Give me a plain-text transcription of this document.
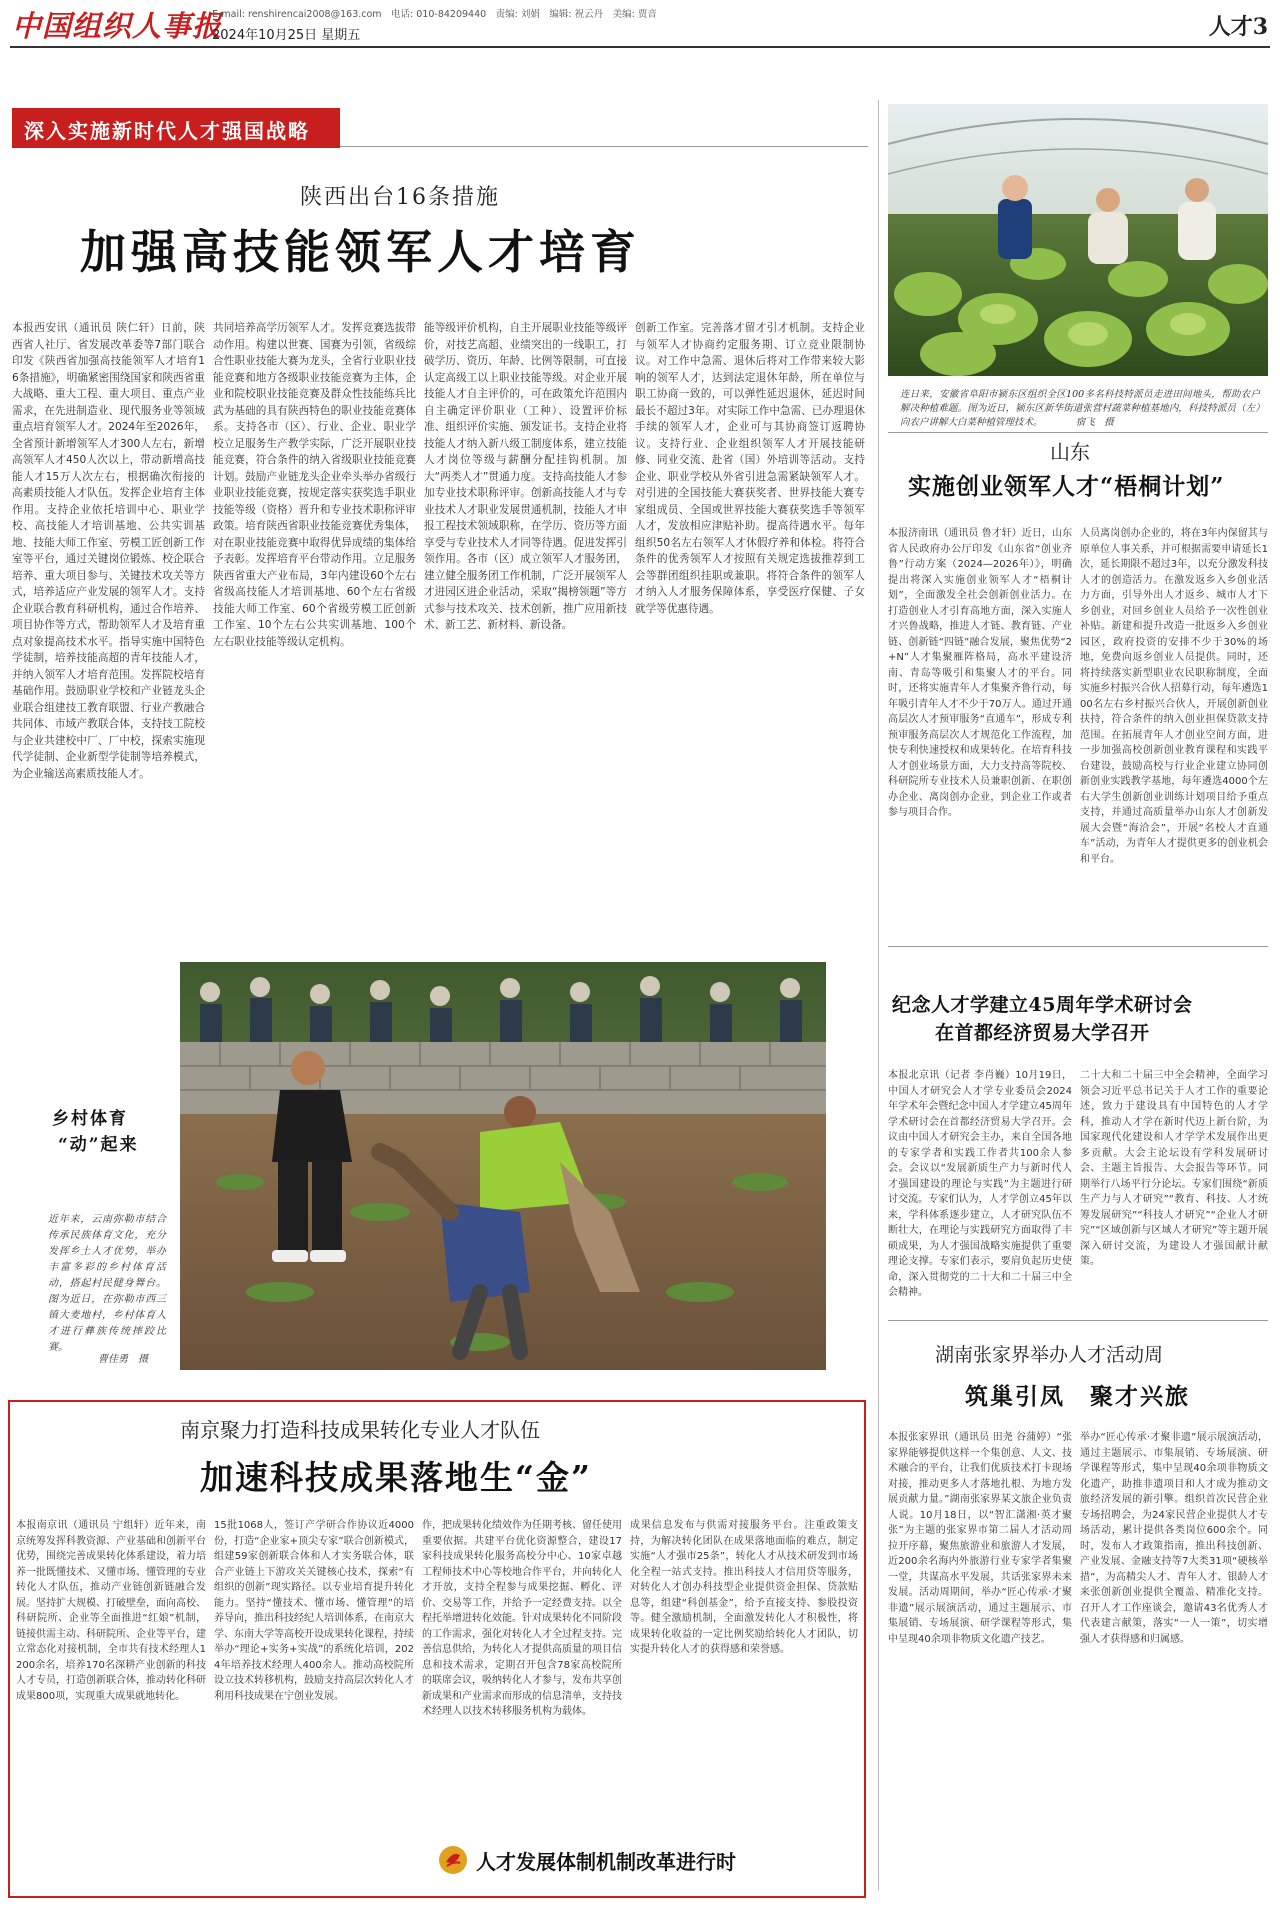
中国组织人事报
E-mail: renshirencai2008@163.com　电话: 010-84209440　责编: 刘娟　编辑: 祝云丹　美编: 贾音
2024年10月25日 星期五	人才3
深入实施新时代人才强国战略
陕西出台16条措施
加强高技能领军人才培育
本报西安讯（通讯员 陕仁轩）日前，陕西省人社厅、省发展改革委等7部门联合印发《陕西省加强高技能领军人才培育16条措施》，明确紧密围绕国家和陕西省重大战略、重大工程、重大项目、重点产业需求，在先进制造业、现代服务业等领域重点培育领军人才。2024年至2026年，全省预计新增领军人才300人左右，新增高领军人才450人次以上，带动新增高技能人才15万人次左右，根据确次衔接的高素质技能人才队伍。发挥企业培育主体作用。支持企业依托培训中心、职业学校、高技能人才培训基地、公共实训基地、技能大师工作室、劳模工匠创新工作室等平台，通过关键岗位锻炼、校企联合培养、重大项目参与、关键技术攻关等方式，培养适应产业发展的领军人才。支持企业联合教育科研机构，通过合作培养、项目协作等方式，帮助领军人才及培育重点对象提高技术水平。指导实施中国特色学徒制，培养技能高超的青年技能人才，并纳入领军人才培育范围。发挥院校培育基础作用。鼓励职业学校和产业链龙头企业联合组建技工教育联盟、行业产教融合共同体、市域产教联合体，支持技工院校与企业共建校中厂、厂中校，探索实施现代学徒制、企业新型学徒制等培养模式，为企业输送高素质技能人才。
共同培养高学历领军人才。发挥竞赛选拔带动作用。构建以世赛、国赛为引领，省级综合性职业技能大赛为龙头，全省行业职业技能竞赛和地方各级职业技能竞赛为主体，企业和院校职业技能竞赛及群众性技能练兵比武为基础的具有陕西特色的职业技能竞赛体系。支持各市（区）、行业、企业、职业学校立足服务生产教学实际，广泛开展职业技能竞赛，符合条件的纳入省级职业技能竞赛计划。鼓励产业链龙头企业牵头举办省级行业职业技能竞赛，按规定落实获奖选手职业技能等级（资格）晋升和专业技术职称评审政策。培育陕西省职业技能竞赛优秀集体，对在职业技能竞赛中取得优异成绩的集体给予表彰。发挥培育平台带动作用。立足服务陕西省重大产业布局，3年内建设60个左右省级高技能人才培训基地、60个左右省级技能大师工作室、60个省级劳模工匠创新工作室、10个左右公共实训基地、100个左右职业技能等级认定机构。
能等级评价机构，自主开展职业技能等级评价，对技艺高超、业绩突出的一线职工，打破学历、资历、年龄、比例等限制，可直接认定高级工以上职业技能等级。对企业开展技能人才自主评价的，可在政策允许范围内自主确定评价职业（工种）、设置评价标准、组织评价实施、颁发证书。支持企业将技能人才纳入新八级工制度体系，建立技能人才岗位等级与薪酬分配挂钩机制。加大“两类人才”贯通力度。支持高技能人才参加专业技术职称评审。创新高技能人才与专业技术人才职业发展贯通机制，技能人才申报工程技术领域职称，在学历、资历等方面享受与专业技术人才同等待遇。促进发挥引领作用。各市（区）成立领军人才服务团，建立健全服务团工作机制，广泛开展领军人才进园区进企业活动，采取“揭榜领题”等方式参与技术攻关、技术创新，推广应用新技术、新工艺、新材料、新设备。
创新工作室。完善落才留才引才机制。支持企业与领军人才协商约定服务期、订立竞业限制协议。对工作中急需、退休后将对工作带来较大影响的领军人才，达到法定退休年龄，所在单位与职工协商一致的，可以弹性延迟退休，延迟时间最长不超过3年。对实际工作中急需、已办理退休手续的领军人才，企业可与其协商签订返聘协议。支持行业、企业组织领军人才开展技能研修、同业交流、赴省（国）外培训等活动。支持企业、职业学校从外省引进急需紧缺领军人才。对引进的全国技能大赛获奖者、世界技能大赛专家组成员、全国或世界技能大赛获奖选手等领军人才，发放相应津贴补助。提高待遇水平。每年组织50名左右领军人才休假疗养和体检。将符合条件的优秀领军人才按照有关规定选拔推荐到工会等群团组织挂职或兼职。将符合条件的领军人才纳入人才服务保障体系，享受医疗保健、子女就学等优惠待遇。
连日来，安徽省阜阳市颍东区组织全区100多名科技特派员走进田间地头，帮助农户解决种植难题。图为近日，颍东区新华街道张营村蔬菜种植基地内，科技特派员（左）向农户讲解大白菜种植管理技术。　　　　宿飞　摄
山东
实施创业领军人才“梧桐计划”
本报济南讯（通讯员 鲁才轩）近日，山东省人民政府办公厅印发《山东省“创业齐鲁”行动方案（2024—2026年）》，明确提出将深入实施创业领军人才“梧桐计划”，全面激发全社会创新创业活力。在打造创业人才引育高地方面，深入实施人才兴鲁战略，推进人才链、教育链、产业链、创新链“四链”融合发展，聚焦优势“2+N”人才集聚雁阵格局，高水平建设济南、青岛等吸引和集聚人才的平台。同时，还将实施青年人才集聚齐鲁行动，每年吸引青年人才不少于70万人。通过开通高层次人才预审服务“直通车”，形成专利预审服务高层次人才规范化工作流程，加快专利快速授权和成果转化。在培育科技人才创业场景方面，大力支持高等院校、科研院所专业技术人员兼职创新、在职创办企业、离岗创办企业，到企业工作或者参与项目合作。
人员离岗创办企业的，将在3年内保留其与原单位人事关系，并可根据需要申请延长1次，延长期限不超过3年，以充分激发科技人才的创造活力。在激发返乡入乡创业活力方面，引导外出人才返乡、城市人才下乡创业，对回乡创业人员给予一次性创业补贴。新建和提升改造一批返乡入乡创业园区，政府投资的安排不少于30%的场地，免费向返乡创业人员提供。同时，还将持续落实新型职业农民职称制度，全面实施乡村振兴合伙人招募行动，每年遴选100名左右乡村振兴合伙人，开展创新创业扶持，符合条件的纳入创业担保贷款支持范围。在拓展青年人才创业空间方面，进一步加强高校创新创业教育课程和实践平台建设，鼓励高校与行业企业建立协同创新创业实践教学基地，每年遴选4000个左右大学生创新创业训练计划项目给予重点支持，并通过高质量举办山东人才创新发展大会暨“海洽会”，开展“名校人才直通车”活动，为青年人才提供更多的创业机会和平台。
乡村体育
“动”起来
近年来，云南弥勒市结合传承民族体育文化，充分发挥乡土人才优势，举办丰富多彩的乡村体育活动，搭起村民健身舞台。图为近日，在弥勒市西三镇大麦地村，乡村体育人才进行彝族传统摔跤比赛。
曹佳勇　摄
南京聚力打造科技成果转化专业人才队伍
加速科技成果落地生“金”
本报南京讯（通讯员 宁组轩）近年来，南京统筹发挥科教资源、产业基础和创新平台优势，围绕完善成果转化体系建设，着力培养一批既懂技术、又懂市场、懂管理的专业转化人才队伍，推动产业链创新链融合发展。坚持扩大规模、打破壁垒，面向高校、科研院所、企业等全面推进“红娘”机制，链接供需主动、科研院所、企业等平台，建立常态化对接机制，全市共有技术经理人1200余名，培养170名深耕产业创新的科技人才专员，打造创新联合体，推动转化科研成果800项，实现重大成果就地转化。
15批1068人，签订产学研合作协议近4000份，打造“企业家+顶尖专家”联合创新模式，组建59家创新联合体和人才实务联合体，联合产业链上下游攻关关键核心技术，探索“有组织的创新”现实路径。以专业培育提升转化能力。坚持“懂技术、懂市场、懂管理”的培养导向，推出科技经纪人培训体系，在南京大学、东南大学等高校开设成果转化课程，持续举办“理论+实务+实战”的系统化培训，2024年培养技术经理人400余人。推动高校院所设立技术转移机构，鼓励支持高层次转化人才利用科技成果在宁创业发展。
作，把成果转化绩效作为任期考核、留任使用重要依据。共建平台优化资源整合，建设17家科技成果转化服务高校分中心、10家卓越工程师技术中心等校地合作平台，并向转化人才开放，支持全程参与成果挖掘、孵化、评价、交易等工作，并给予一定经费支持。以全程托举增进转化效能。针对成果转化不同阶段的工作需求，强化对转化人才全过程支持。完善信息供给，为转化人才提供高质量的项目信息和技术需求，定期召开包含78家高校院所的联席会议，吸纳转化人才参与，发布共享创新成果和产业需求而形成的信息清单，支持技术经理人以技术转移服务机构为载体。
成果信息发布与供需对接服务平台。注重政策支持，为解决转化团队在成果落地面临的难点，制定实施“人才强市25条”，转化人才从技术研发到市场化全程一站式支持。推出科技人才信用贷等服务，对转化人才创办科技型企业提供资金担保、贷款贴息等，组建“科创基金”，给予直接支持、参股投资等。健全激励机制，全面激发转化人才积极性，将成果转化收益的一定比例奖励给转化人才团队，切实提升转化人才的获得感和荣誉感。
人才发展体制机制改革进行时
纪念人才学建立45周年学术研讨会
在首都经济贸易大学召开
本报北京讯（记者 李肖巍）10月19日，中国人才研究会人才学专业委员会2024年学术年会暨纪念中国人才学建立45周年学术研讨会在首都经济贸易大学召开。会议由中国人才研究会主办，来自全国各地的专家学者和实践工作者共100余人参会。会议以“发展新质生产力与新时代人才强国建设的理论与实践”为主题进行研讨交流。专家们认为，人才学创立45年以来，学科体系逐步建立，人才研究队伍不断壮大，在理论与实践研究方面取得了丰硕成果，为人才强国战略实施提供了重要理论支撑。专家们表示，要肩负起历史使命，深入贯彻党的二十大和二十届三中全会精神。
二十大和二十届三中全会精神，全面学习领会习近平总书记关于人才工作的重要论述，致力于建设具有中国特色的人才学科，推动人才学在新时代迈上新台阶，为国家现代化建设和人才学学术发展作出更多贡献。大会主论坛设有学科发展研讨会、主题主旨报告、大会报告等环节。同期举行八场平行分论坛。专家们围绕“新质生产力与人才研究”“教育、科技、人才统筹发展研究”“科技人才研究”“企业人才研究”“区域创新与区域人才研究”等主题开展深入研讨交流，为建设人才强国献计献策。
湖南张家界举办人才活动周
筑巢引凤　聚才兴旅
本报张家界讯（通讯员 田尧 谷蒲婷）“张家界能够提供这样一个集创意、人文、技术融合的平台，让我们优质技术打卡现场对接，推动更多人才落地扎根、为地方发展贡献力量。”湖南张家界某文旅企业负责人说。10月18日，以“智汇潇湘·英才聚张”为主题的张家界市第二届人才活动周拉开序幕，聚焦旅游业和旅游人才发展，近200余名海内外旅游行业专家学者集聚一堂，共谋高水平发展，共话张家界未来发展。活动周期间，举办“匠心传承·才聚非遗”展示展演活动，通过主题展示、市集展销、专场展演、研学课程等形式，集中呈现40余项非物质文化遗产技艺。
举办“匠心传承·才聚非遗”展示展演活动，通过主题展示、市集展销、专场展演、研学课程等形式，集中呈现40余项非物质文化遗产，助推非遗项目和人才成为推动文旅经济发展的新引擎。组织首次民营企业专场招聘会，为24家民营企业提供人才专场活动，累计提供各类岗位600余个。同时，发布人才政策指南，推出科技创新、产业发展、金融支持等7大类31项“硬核举措”，为高精尖人才、青年人才、银龄人才来张创新创业提供全覆盖、精准化支持。召开人才工作座谈会，邀请43名优秀人才代表建言献策，落实“一人一策”，切实增强人才获得感和归属感。
